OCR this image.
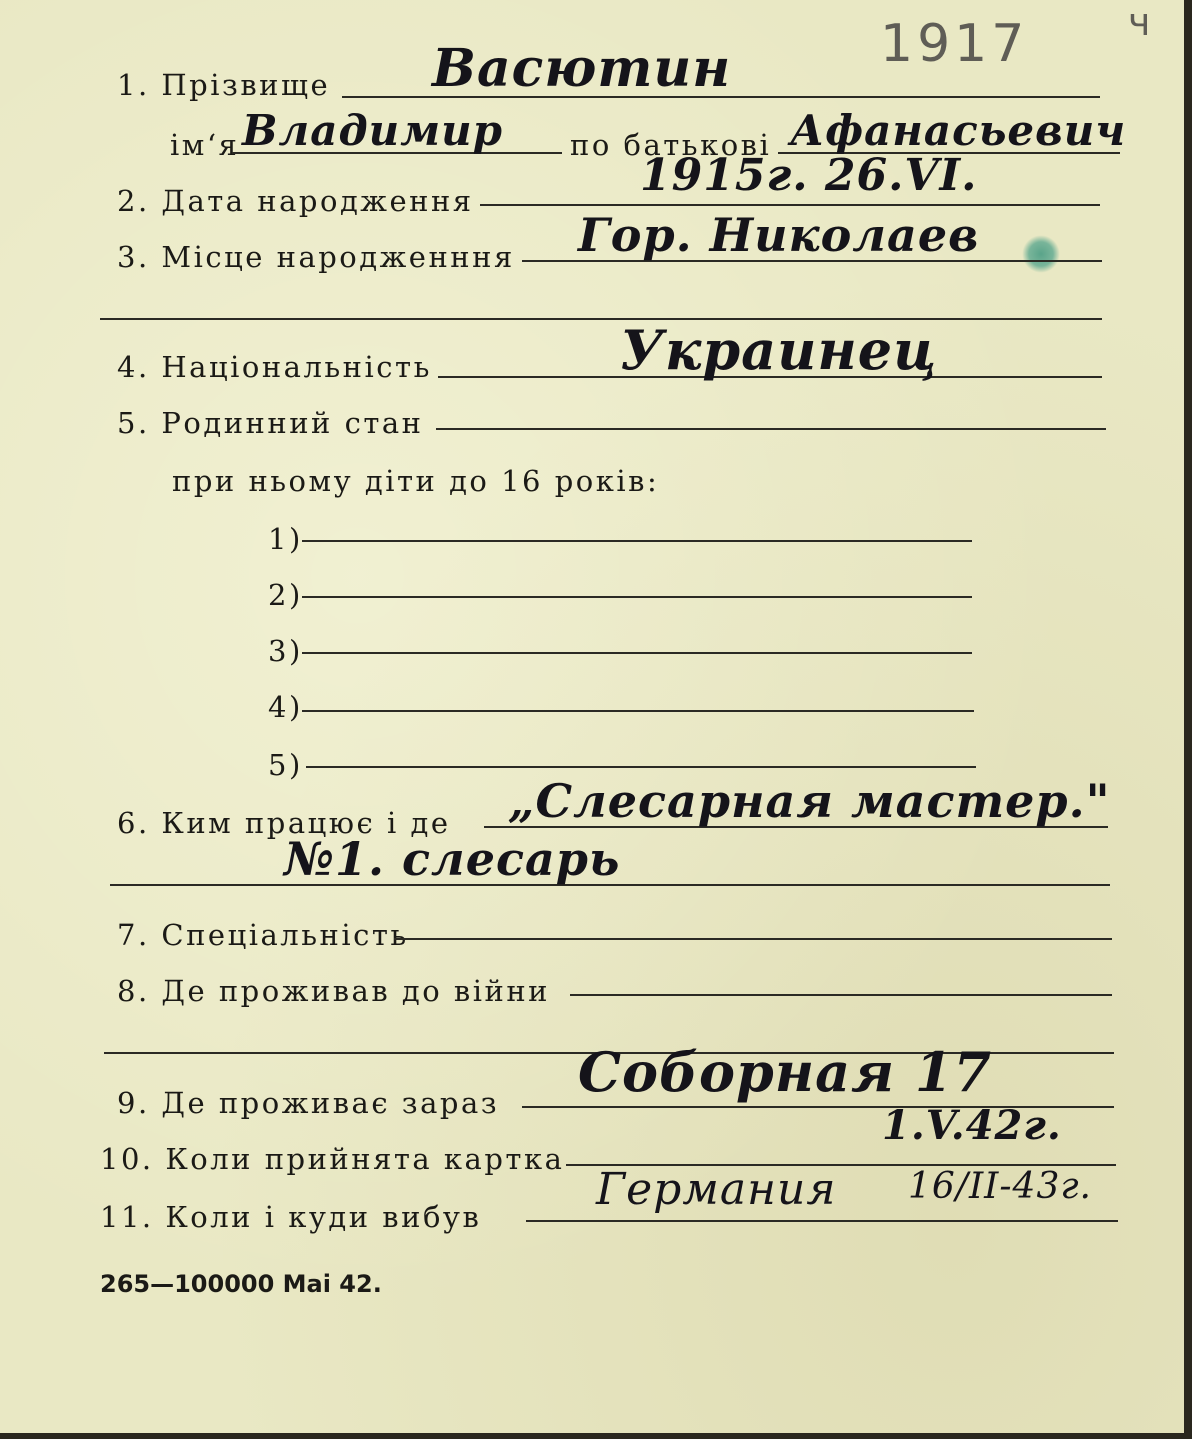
1917	ч
1. Прізвище Васютин
ім‘я Владимир по батькові Афанасьевич
2. Дата народження	1915г. 26.VI.
3. Місце народженння Гор. Николаев
4. Національність	Украинец
5. Родинний стан
при ньому діти до 16 років:
1)
2)
3)
4)
5)
6. Ким працює і де „Слесарная мастер."
№1. слесарь
7. Спеціальність
8. Де проживав до війни
9. Де проживає зараз Соборная 17
10. Коли прийнята картка
1.V.42г.
11. Коли і куди вибув
Германия 16/II-43г.
265—100000 Mai 42.
